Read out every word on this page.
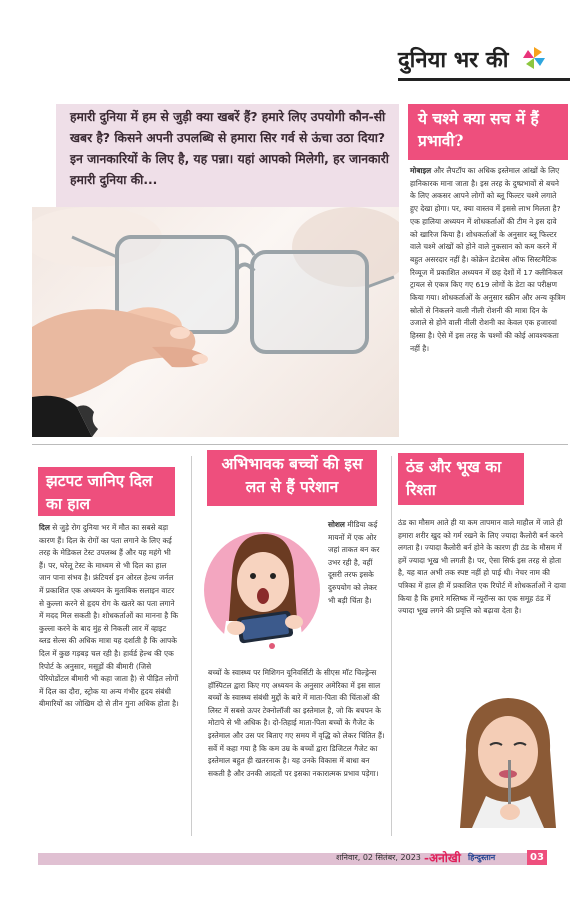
दुनिया भर की

हमारी दुनिया में हम से जुड़ी क्या खबरें हैं? हमारे लिए उपयोगी कौन-सी खबर है? किसने अपनी उपलब्धि से हमारा सिर गर्व से ऊंचा उठा दिया? इन जानकारियों के लिए है, यह पन्ना। यहां आपको मिलेगी, हर जानकारी हमारी दुनिया की...

ये चश्मे क्या सच में हैं प्रभावी?

मोबाइल और लैपटॉप का अधिक इस्तेमाल आंखों के लिए हानिकारक माना जाता है। इस तरह के दुष्प्रभावों से बचने के लिए अकसर आपने लोगों को ब्लू फिल्टर चश्मे लगाते हुए देखा होगा। पर, क्या वास्तव में इससे लाभ मिलता है? एक हालिया अध्ययन में शोधकर्ताओं की टीम ने इस दावे को खारिज किया है। शोधकर्ताओं के अनुसार ब्लू फिल्टर वाले चश्मे आंखों को होने वाले नुकसान को कम करने में बहुत असरदार नहीं है। कोक्रेन डेटाबेस ऑफ सिस्टमैटिक रिव्यूज में प्रकाशित अध्ययन में छह देशों में 17 क्लीनिकल ट्रायल से एकत्र किए गए 619 लोगों के डेटा का परीक्षण किया गया। शोधकर्ताओं के अनुसार स्क्रीन और अन्य कृत्रिम स्रोतों से निकलने वाली नीली रोशनी की मात्रा दिन के उजाले से होने वाली नीली रोशनी का केवल एक हजारवां हिस्सा है। ऐसे में इस तरह के चश्मों की कोई आवश्यकता नहीं है।

झटपट जानिए दिल का हाल

दिल से जुड़े रोग दुनिया भर में मौत का सबसे बड़ा कारण हैं। दिल के रोगों का पता लगाने के लिए कई तरह के मेडिकल टेस्ट उपलब्ध हैं और यह महंगे भी हैं। पर, घरेलू टेस्ट के माध्यम से भी दिल का हाल जान पाना संभव है। फ्रंटियर्स इन ओरल हेल्थ जर्नल में प्रकाशित एक अध्ययन के मुताबिक सलाइन वाटर से कुल्ला करने से हृदय रोग के खतरे का पता लगाने में मदद मिल सकती है। शोधकर्ताओं का मानना है कि कुल्ला करने के बाद मुंह से निकली लार में व्हाइट ब्लड सेल्स की अधिक मात्रा यह दर्शाती है कि आपके दिल में कुछ गड़बड़ चल रही है। हार्वर्ड हेल्थ की एक रिपोर्ट के अनुसार, मसूड़ों की बीमारी (जिसे पेरियोडोंटल बीमारी भी कहा जाता है) से पीड़ित लोगों में दिल का दौरा, स्ट्रोक या अन्य गंभीर हृदय संबंधी बीमारियों का जोखिम दो से तीन गुना अधिक होता है।

अभिभावक बच्चों की इस लत से हैं परेशान

सोशल मीडिया कई मायनों में एक ओर जहां ताकत बन कर उभर रही है, वहीं दूसरी तरफ इसके दुरुपयोग को लेकर भी बड़ी चिंता है।

बच्चों के स्वास्थ्य पर मिशिगन यूनिवर्सिटी के सीएस मॉट चिल्ड्रेन्स हॉस्पिटल द्वारा किए गए अध्ययन के अनुसार अमेरिका में इस साल बच्चों के स्वास्थ्य संबंधी मुद्दों के बारे में माता-पिता की चिंताओं की लिस्ट में सबसे ऊपर टेक्नोलॉजी का इस्तेमाल है, जो कि बचपन के मोटापे से भी अधिक है। दो-तिहाई माता-पिता बच्चों के गैजेट के इस्तेमाल और उस पर बिताए गए समय में वृद्धि को लेकर चिंतित हैं। सर्वे में कहा गया है कि कम उम्र के बच्चों द्वारा डिजिटल गैजेट का इस्तेमाल बहुत ही खतरनाक है। यह उनके विकास में बाधा बन सकती है और उनकी आदतों पर इसका नकारात्मक प्रभाव पड़ेगा।

ठंड और भूख का रिश्ता

ठंड का मौसम आते ही या कम तापमान वाले माहौल में जाते ही हमारा शरीर खुद को गर्म रखने के लिए ज्यादा कैलोरी बर्न करने लगता है। ज्यादा कैलोरी बर्न होने के कारण ही ठंड के मौसम में हमें ज्यादा भूख भी लगती है। पर, ऐसा सिर्फ इस तरह से होता है, यह बात अभी तक स्पष्ट नहीं हो पाई थी। नेचर नाम की पत्रिका में हाल ही में प्रकाशित एक रिपोर्ट में शोधकर्ताओं ने दावा किया है कि हमारे मस्तिष्क में न्यूरॉन्स का एक समूह ठंड में ज्यादा भूख लगने की प्रवृत्ति को बढ़ावा देता है।

शनिवार, 02 सितंबर, 2023 -अनोखी हिन्दुस्तान	03
